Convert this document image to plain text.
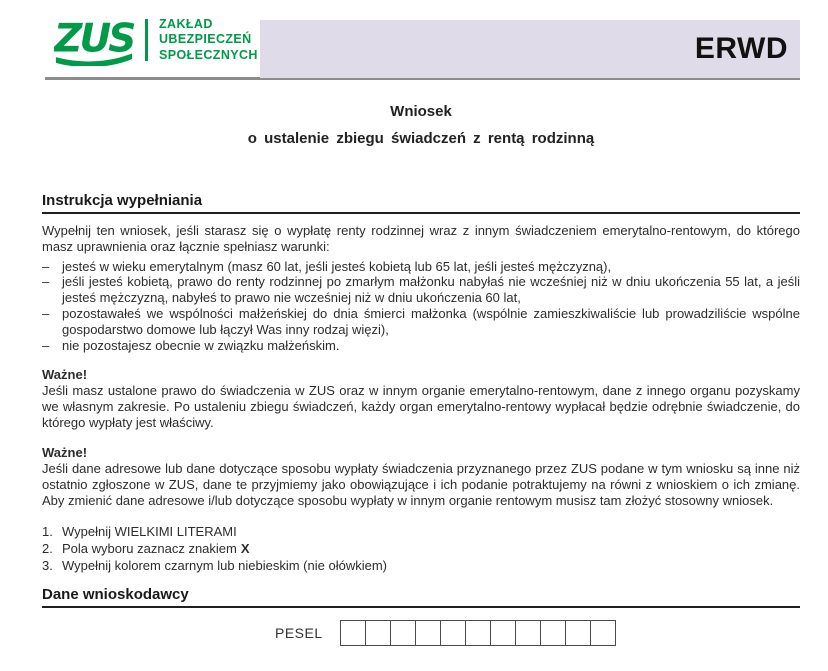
ZUS ZAKŁAD
UBEZPIECZEŃ
SPOŁECZNYCH	ERWD
Wniosek
o ustalenie zbiegu świadczeń z rentą rodzinną
Instrukcja wypełniania

Wypełnij ten wniosek, jeśli starasz się o wypłatę renty rodzinnej wraz z innym świadczeniem emerytalno-rentowym, do którego masz uprawnienia oraz łącznie spełniasz warunki:

– jesteś w wieku emerytalnym (masz 60 lat, jeśli jesteś kobietą lub 65 lat, jeśli jesteś mężczyzną),
– jeśli jesteś kobietą, prawo do renty rodzinnej po zmarłym małżonku nabyłaś nie wcześniej niż w dniu ukończenia 55 lat, a jeśli jesteś mężczyzną, nabyłeś to prawo nie wcześniej niż w dniu ukończenia 60 lat,
– pozostawałeś we wspólności małżeńskiej do dnia śmierci małżonka (wspólnie zamieszkiwaliście lub prowadziliście wspólne gospodarstwo domowe lub łączył Was inny rodzaj więzi),
– nie pozostajesz obecnie w związku małżeńskim.

Ważne!

Jeśli masz ustalone prawo do świadczenia w ZUS oraz w innym organie emerytalno-rentowym, dane z innego organu pozyskamy we własnym zakresie. Po ustaleniu zbiegu świadczeń, każdy organ emerytalno-rentowy wypłacał będzie odrębnie świadczenie, do którego wypłaty jest właściwy.

Ważne!

Jeśli dane adresowe lub dane dotyczące sposobu wypłaty świadczenia przyznanego przez ZUS podane w tym wniosku są inne niż ostatnio zgłoszone w ZUS, dane te przyjmiemy jako obowiązujące i ich podanie potraktujemy na równi z wnioskiem o ich zmianę. Aby zmienić dane adresowe i/lub dotyczące sposobu wypłaty w innym organie rentowym musisz tam złożyć stosowny wniosek.

1. Wypełnij WIELKIMI LITERAMI
2. Pola wyboru zaznacz znakiem X
3. Wypełnij kolorem czarnym lub niebieskim (nie ołówkiem)
Dane wnioskodawcy
PESEL
